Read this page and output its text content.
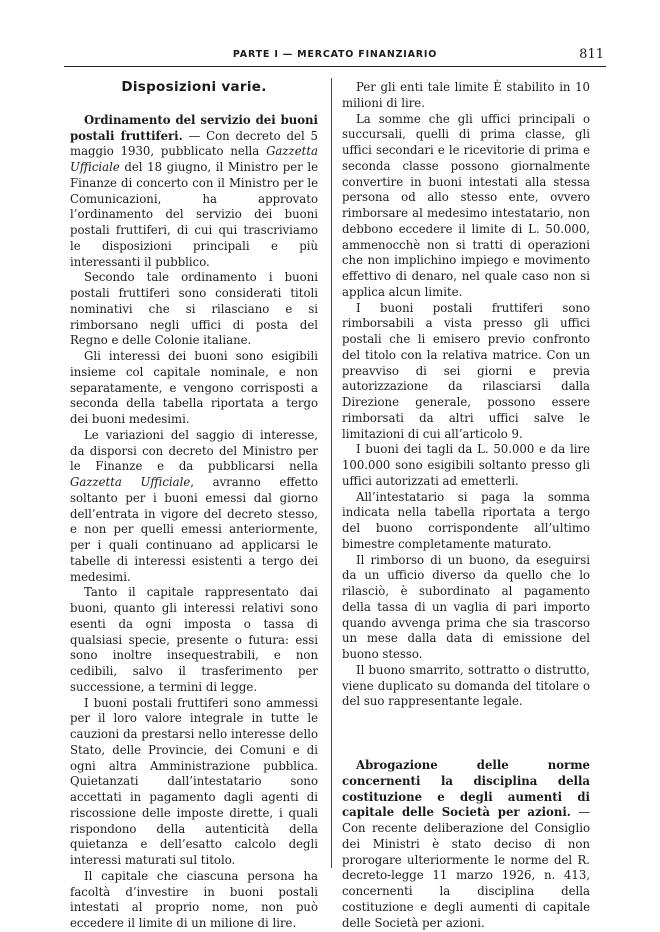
PARTE I — MERCATO FINANZIARIO	811
Disposizioni varie.

Ordinamento del servizio dei buoni postali fruttiferi. — Con decreto del 5 maggio 1930, pubblicato nella Gazzetta Ufficiale del 18 giugno, il Ministro per le Finanze di concerto con il Ministro per le Comunicazioni, ha approvato l’ordinamento del servizio dei buoni postali fruttiferi, di cui qui trascriviamo le disposizioni principali e più interessanti il pubblico.

Secondo tale ordinamento i buoni postali fruttiferi sono considerati titoli nominativi che si rilasciano e si rimborsano negli uffici di posta del Regno e delle Colonie italiane.

Gli interessi dei buoni sono esigibili insieme col capitale nominale, e non separatamente, e vengono corrisposti a seconda della tabella riportata a tergo dei buoni medesimi.

Le variazioni del saggio di interesse, da disporsi con decreto del Ministro per le Finanze e da pubblicarsi nella Gazzetta Ufficiale, avranno effetto soltanto per i buoni emessi dal giorno dell’entrata in vigore del decreto stesso, e non per quelli emessi anteriormente, per i quali continuano ad applicarsi le tabelle di interessi esistenti a tergo dei medesimi.

Tanto il capitale rappresentato dai buoni, quanto gli interessi relativi sono esenti da ogni imposta o tassa di qualsiasi specie, presente o futura: essi sono inoltre insequestrabili, e non cedibili, salvo il trasferimento per successione, a termini di legge.

I buoni postali fruttiferi sono ammessi per il loro valore integrale in tutte le cauzioni da prestarsi nello interesse dello Stato, delle Provincie, dei Comuni e di ogni altra Amministrazione pubblica. Quietanzati dall’intestatario sono accettati in pagamento dagli agenti di riscossione delle imposte dirette, i quali rispondono della autenticità della quietanza e dell’esatto calcolo degli interessi maturati sul titolo.

Il capitale che ciascuna persona ha facoltà d’investire in buoni postali intestati al proprio nome, non può eccedere il limite di un milione di lire.

Per gli enti tale limite È stabilito in 10 milioni di lire.

La somme che gli uffici principali o succursali, quelli di prima classe, gli uffici secondari e le ricevitorie di prima e seconda classe possono giornalmente convertire in buoni intestati alla stessa persona od allo stesso ente, ovvero rimborsare al medesimo intestatario, non debbono eccedere il limite di L. 50.000, ammenocchè non si tratti di operazioni che non implichino impiego e movimento effettivo di denaro, nel quale caso non si applica alcun limite.

I buoni postali fruttiferi sono rimborsabili a vista presso gli uffici postali che li emisero previo confronto del titolo con la relativa matrice. Con un preavviso di sei giorni e previa autorizzazione da rilasciarsi dalla Direzione generale, possono essere rimborsati da altri uffici salve le limitazioni di cui all’articolo 9.

I buoni dei tagli da L. 50.000 e da lire 100.000 sono esigibili soltanto presso gli uffici autorizzati ad emetterli.

All’intestatario si paga la somma indicata nella tabella riportata a tergo del buono corrispondente all’ultimo bimestre completamente maturato.

Il rimborso di un buono, da eseguirsi da un ufficio diverso da quello che lo rilasciò, è subordinato al pagamento della tassa di un vaglia di pari importo quando avvenga prima che sia trascorso un mese dalla data di emissione del buono stesso.

Il buono smarrito, sottratto o distrutto, viene duplicato su domanda del titolare o del suo rappresentante legale.

Abrogazione delle norme concernenti la disciplina della costituzione e degli aumenti di capitale delle Società per azioni. — Con recente deliberazione del Consiglio dei Ministri è stato deciso di non prorogare ulteriormente le norme del R. decreto-legge 11 marzo 1926, n. 413, concernenti la disciplina della costituzione e degli aumenti di capitale delle Società per azioni.
